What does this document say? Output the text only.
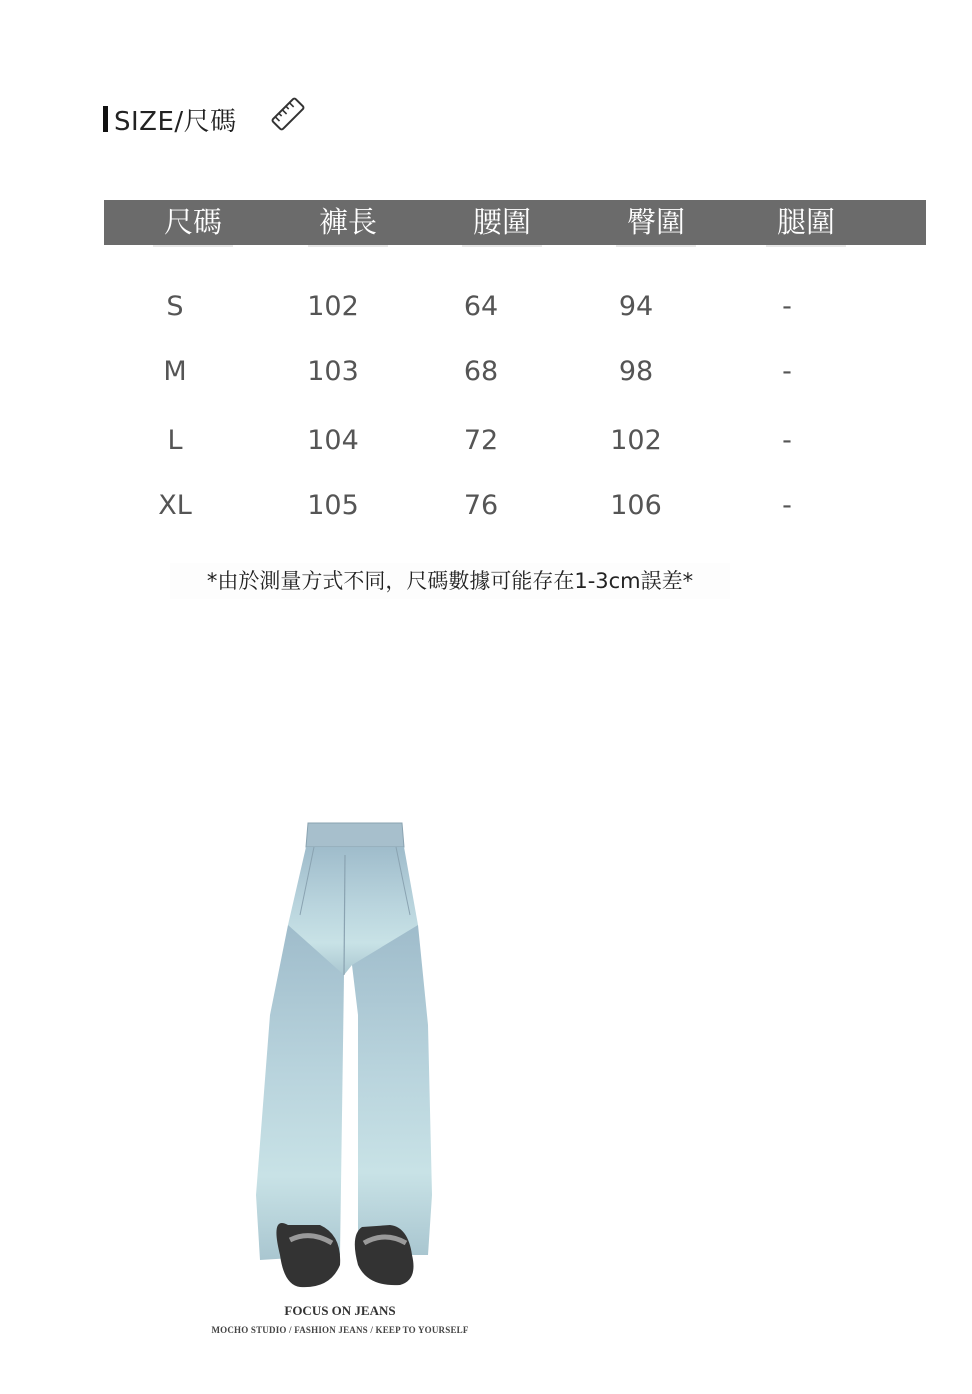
SIZE/尺碼
尺碼	褲長	腰圍	臀圍	腿圍
S	102	64	94	-
M	103	68	98	-
L	104	72	102	-
XL	105	76	106	-
*由於測量方式不同，尺碼數據可能存在1-3cm誤差*
FOCUS ON JEANS
MOCHO STUDIO / FASHION JEANS / KEEP TO YOURSELF
